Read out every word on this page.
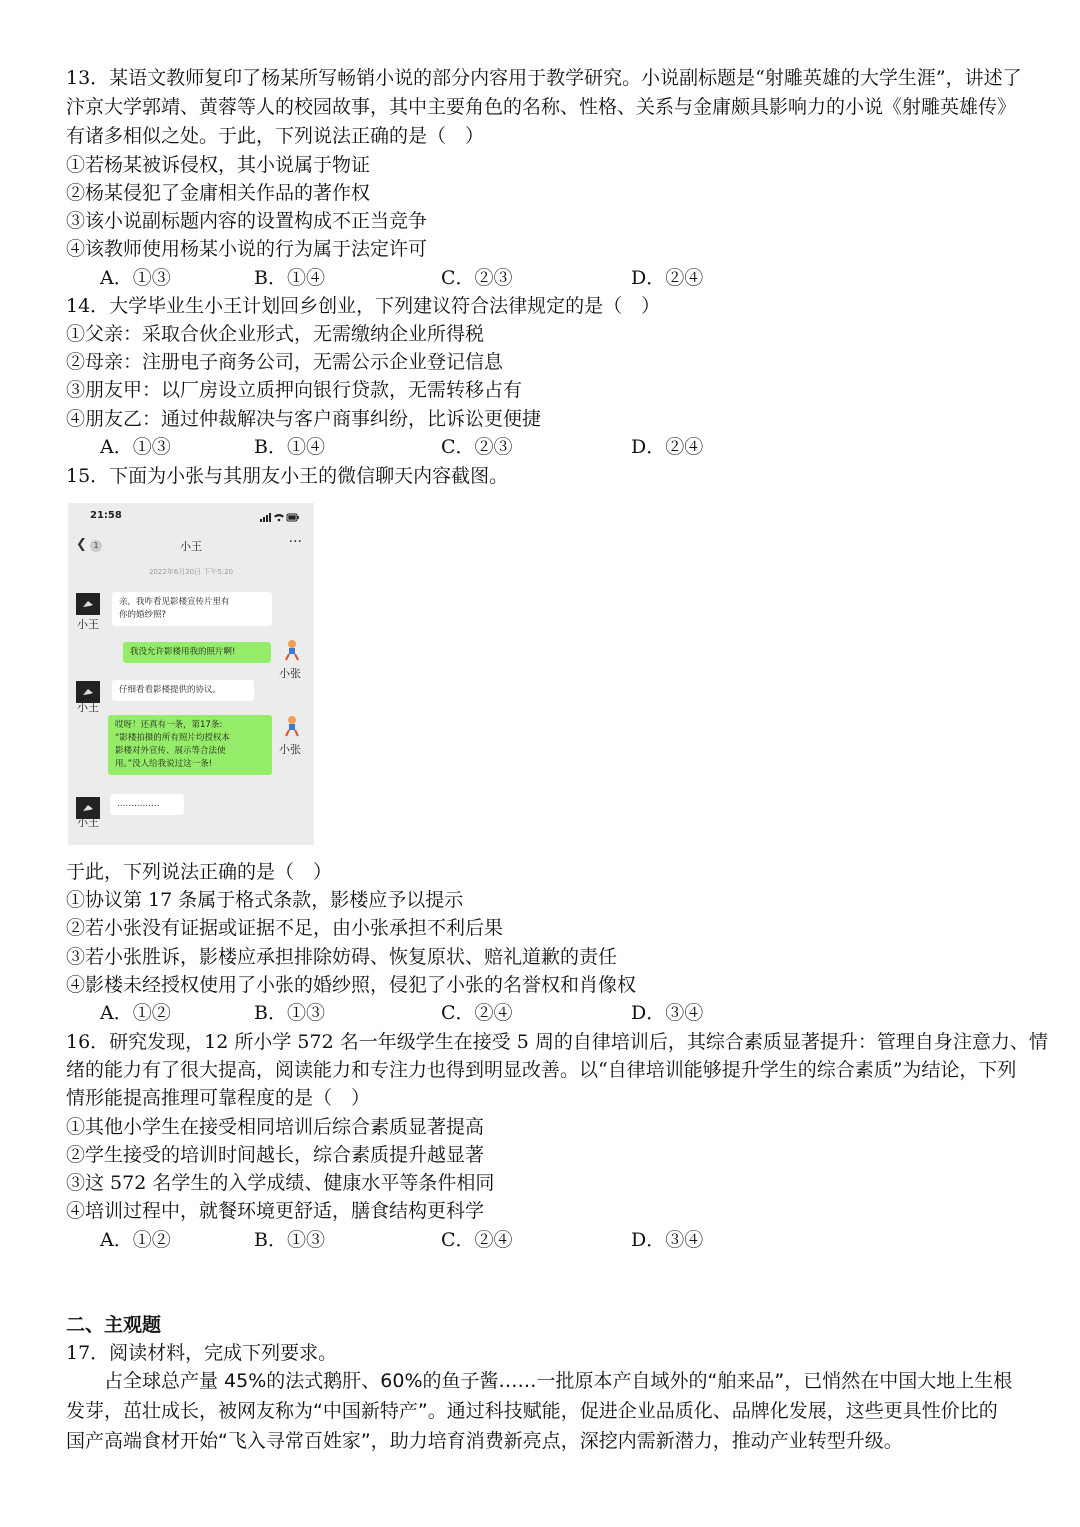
13．某语文教师复印了杨某所写畅销小说的部分内容用于教学研究。小说副标题是“射雕英雄的大学生涯”，讲述了
汴京大学郭靖、黄蓉等人的校园故事，其中主要角色的名称、性格、关系与金庸颇具影响力的小说《射雕英雄传》
有诸多相似之处。于此，下列说法正确的是（　）
①若杨某被诉侵权，其小说属于物证
②杨某侵犯了金庸相关作品的著作权
③该小说副标题内容的设置构成不正当竞争
④该教师使用杨某小说的行为属于法定许可
A．①③	B．①④	C．②③	D．②④
14．大学毕业生小王计划回乡创业，下列建议符合法律规定的是（　）
①父亲：采取合伙企业形式，无需缴纳企业所得税
②母亲：注册电子商务公司，无需公示企业登记信息
③朋友甲：以厂房设立质押向银行贷款，无需转移占有
④朋友乙：通过仲裁解决与客户商事纠纷，比诉讼更便捷
A．①③	B．①④	C．②③	D．②④
15．下面为小张与其朋友小王的微信聊天内容截图。
21:58
❮ 1	小王	···
2022年6月20日 下午5:20
小王
亲，我咋看见影楼宣传片里有
你的婚纱照?
小张
我没允许影楼用我的照片啊!
小王
仔细看看影楼提供的协议。
小张
哎呀！还真有一条，第17条:
“影楼拍摄的所有照片均授权本
影楼对外宣传、展示等合法使
用。”没人给我说过这一条!
小王
……………
于此，下列说法正确的是（　）
①协议第 17 条属于格式条款，影楼应予以提示
②若小张没有证据或证据不足，由小张承担不利后果
③若小张胜诉，影楼应承担排除妨碍、恢复原状、赔礼道歉的责任
④影楼未经授权使用了小张的婚纱照，侵犯了小张的名誉权和肖像权
A．①②	B．①③	C．②④	D．③④
16．研究发现，12 所小学 572 名一年级学生在接受 5 周的自律培训后，其综合素质显著提升：管理自身注意力、情
绪的能力有了很大提高，阅读能力和专注力也得到明显改善。以“自律培训能够提升学生的综合素质”为结论，下列
情形能提高推理可靠程度的是（　）
①其他小学生在接受相同培训后综合素质显著提高
②学生接受的培训时间越长，综合素质提升越显著
③这 572 名学生的入学成绩、健康水平等条件相同
④培训过程中，就餐环境更舒适，膳食结构更科学
A．①②	B．①③	C．②④	D．③④
二、主观题
17．阅读材料，完成下列要求。
占全球总产量 45%的法式鹅肝、60%的鱼子酱……一批原本产自域外的“舶来品”，已悄然在中国大地上生根发芽，茁壮成长，被网友称为“中国新特产”。通过科技赋能，促进企业品质化、品牌化发展，这些更具性价比的国产高端食材开始“飞入寻常百姓家”，助力培育消费新亮点，深挖内需新潜力，推动产业转型升级。
